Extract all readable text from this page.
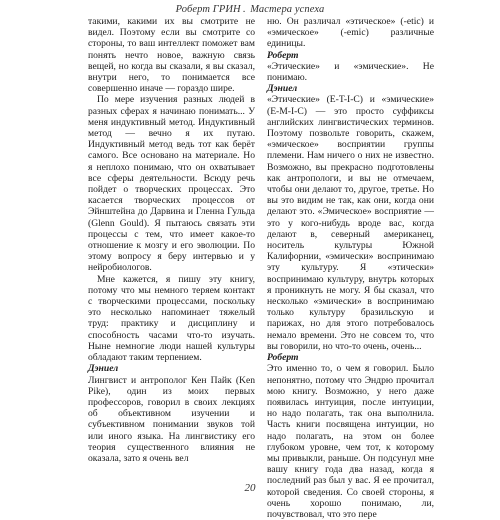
Роберт ГРИН . Мастера успеха

такими, какими их вы смотрите не видел. Поэтому если вы смотрите со стороны, то ваш интеллект поможет вам понять нечто новое, важную связь вещей, но когда вы сказали, я вы сказал, внутри него, то понимается все совершенно иначе — гораздо шире.

По мере изучения разных людей в разных сферах я начинаю понимать... У меня индуктивный метод. Индуктивный метод — вечно я их путаю. Индуктивный метод ведь тот как берёт самого. Все основано на материале. Но я неплохо понимаю, что он охватывает все сферы деятельности. Всюду речь пойдет о творческих процессах. Это касается творческих процессов от Эйнштейна до Дарвина и Гленна Гульда (Glenn Gould). Я пытаюсь связать эти процессы с тем, что имеет какое-то отношение к мозгу и его эволюции. По этому вопросу я беру интервью и у нейробиологов.

Мне кажется, я пишу эту книгу, потому что мы немного теряем контакт с творческими процессами, поскольку это несколько напоминает тяжелый труд: практику и дисциплину и способность часами что-то изучать. Ныне немногие люди нашей культуры обладают таким терпением.

Дэниел

Лингвист и антрополог Кен Пайк (Ken Pike), один из моих первых профессоров, говорил в своих лекциях об объективном изучении и субъективном понимании звуков той или иного языка. На лингвистику его теория существенного влияния не оказала, зато я очень вел

ню. Он различал «этическое» (-etic) и «эмическое» (-emic) различные единицы.

Роберт

«Этические» и «эмические». Не понимаю.

Дэниел

«Этические» (E-T-I-C) и «эмические» (E-M-I-C) — это просто суффиксы английских лингвистических терминов. Поэтому позвольте говорить, скажем, «эмическое» восприятии группы племени. Нам ничего о них не известно. Возможно, вы прекрасно подготовлены как антропологи, и вы не отмечаем, чтобы они делают то, другое, третье. Но вы это видим не так, как они, когда они делают это. «Эмическое» восприятие — это у кого-нибудь вроде вас, когда делают в, северный американец, носитель культуры Южной Калифорнии, «эмически» воспринимаю эту культуру. Я «этически» воспринимаю культуру, внутрь которых я проникнуть не могу. Я бы сказал, что несколько «эмически» в воспринимаю только культуру бразильскую и парижах, но для этого потребовалось немало времени. Это не совсем то, что вы говорили, но что-то очень, очень...

Роберт

Это именно то, о чем я говорил. Было непонятно, потому что Эндрю прочитал мою книгу. Возможно, у него даже появилась интуиция, после интуиции, но надо полагать, так она выполнила. Часть книги посвящена интуиции, но надо полагать, на этом он более глубоком уровне, чем тот, к которому мы привыкли, раньше. Он подсунул мне вашу книгу года два назад, когда я последний раз был у вас. Я ее прочитал, которой сведения. Со своей стороны, я очень хорошо понимаю, ли, почувствовал, что это пере

20
